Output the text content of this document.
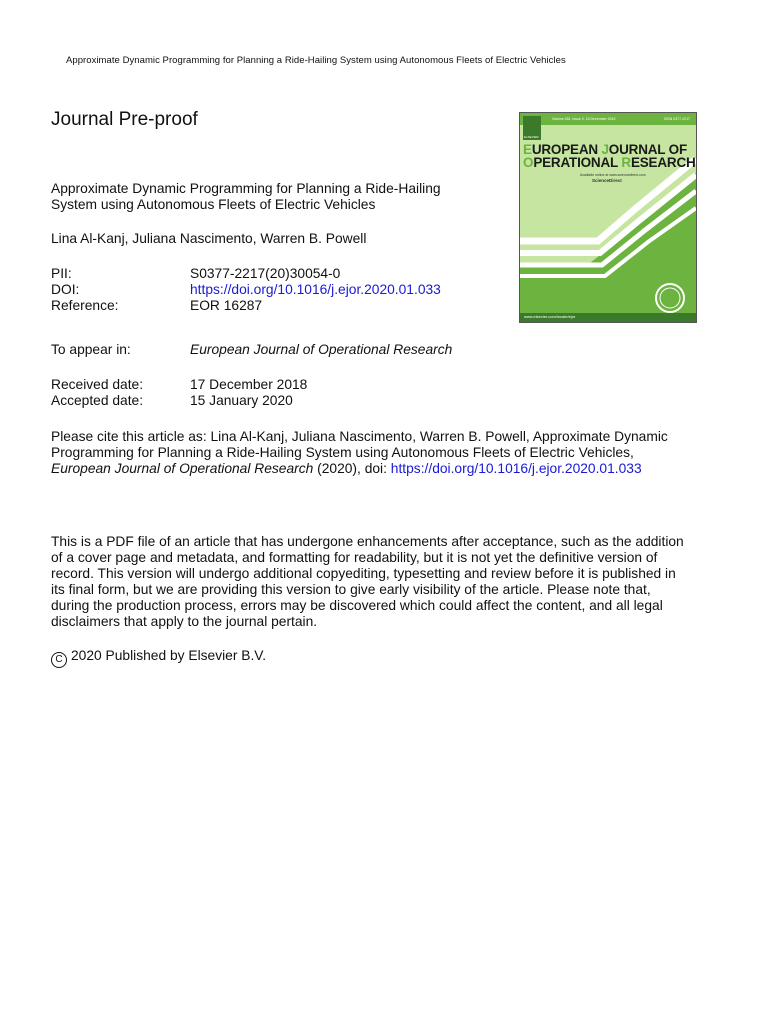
Approximate Dynamic Programming for Planning a Ride-Hailing System using Autonomous Fleets of Electric Vehicles
Journal Pre-proof	Volume 281, Issue 3, 16 December 2019	ISSN 0377-2217
ELSEVIER
EUROPEAN JOURNAL OF
OPERATIONAL RESEARCH
Available online at www.sciencedirect.com
ScienceDirect
www.elsevier.com/locate/ejor
Approximate Dynamic Programming for Planning a Ride-Hailing System using Autonomous Fleets of Electric Vehicles
Lina Al-Kanj, Juliana Nascimento, Warren B. Powell
PII:	S0377-2217(20)30054-0
DOI:	https://doi.org/10.1016/j.ejor.2020.01.033
Reference:	EOR 16287
To appear in:	European Journal of Operational Research
Received date:	17 December 2018
Accepted date:	15 January 2020
Please cite this article as: Lina Al-Kanj, Juliana Nascimento, Warren B. Powell, Approximate Dynamic Programming for Planning a Ride-Hailing System using Autonomous Fleets of Electric Vehicles, European Journal of Operational Research (2020), doi: https://doi.org/10.1016/j.ejor.2020.01.033
This is a PDF file of an article that has undergone enhancements after acceptance, such as the addition of a cover page and metadata, and formatting for readability, but it is not yet the definitive version of record. This version will undergo additional copyediting, typesetting and review before it is published in its final form, but we are providing this version to give early visibility of the article. Please note that, during the production process, errors may be discovered which could affect the content, and all legal disclaimers that apply to the journal pertain.
C 2020 Published by Elsevier B.V.
